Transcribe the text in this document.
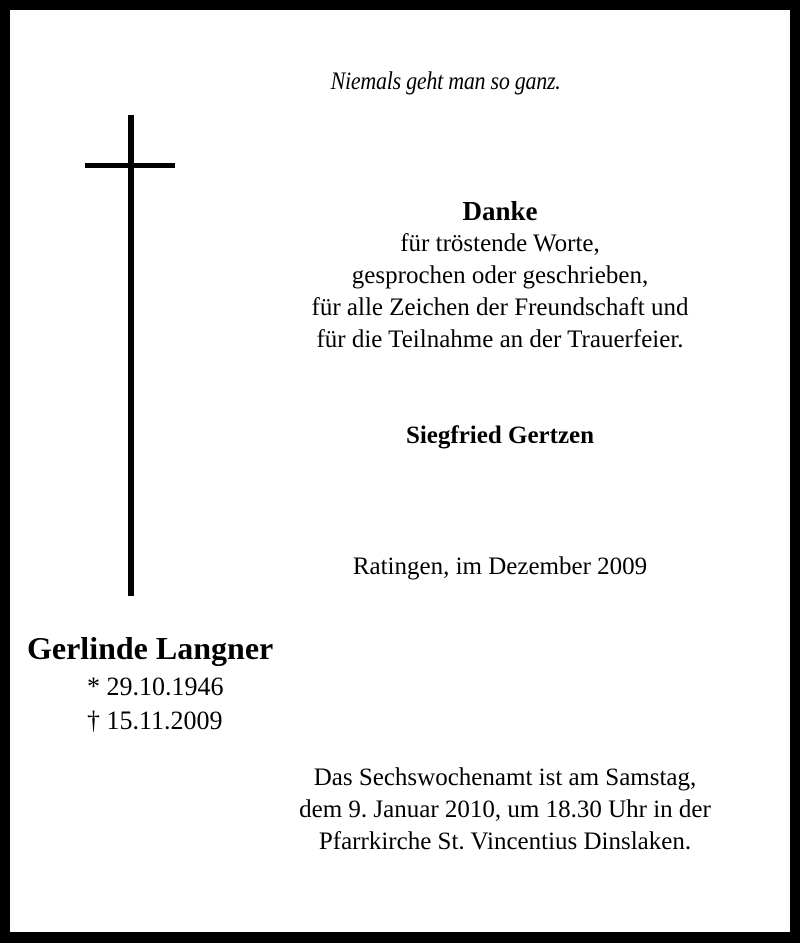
Niemals geht man so ganz.
Danke
für tröstende Worte,
gesprochen oder geschrieben,
für alle Zeichen der Freundschaft und
für die Teilnahme an der Trauerfeier.
Siegfried Gertzen
Ratingen, im Dezember 2009
Gerlinde Langner
* 29.10.1946
† 15.11.2009
Das Sechswochenamt ist am Samstag,
dem 9. Januar 2010, um 18.30 Uhr in der
Pfarrkirche St. Vincentius Dinslaken.
